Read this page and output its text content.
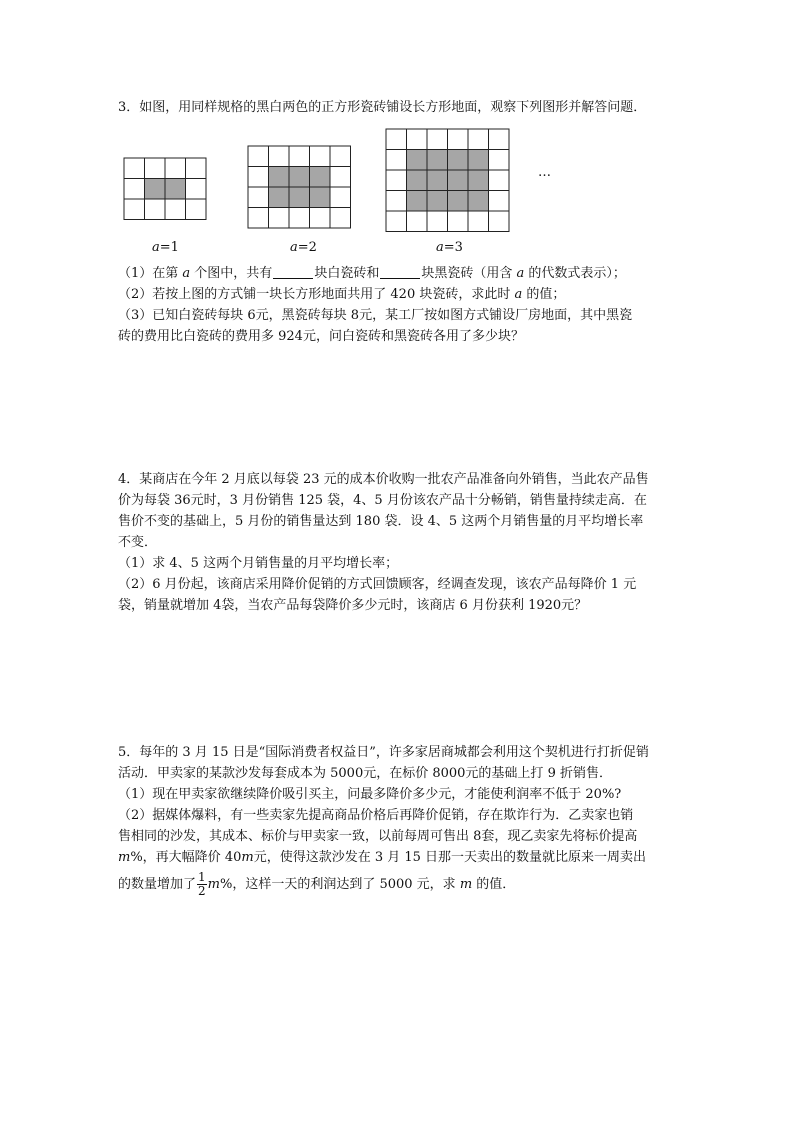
3．如图，用同样规格的黑白两色的正方形瓷砖铺设长方形地面，观察下列图形并解答问题．
…
a=1	a=2	a=3
（1）在第 a 个图中，共有	块白瓷砖和	块黑瓷砖（用含 a 的代数式表示）；
（2）若按上图的方式铺一块长方形地面共用了 420 块瓷砖，求此时 a 的值；
（3）已知白瓷砖每块 6元，黑瓷砖每块 8元，某工厂按如图方式铺设厂房地面，其中黑瓷
砖的费用比白瓷砖的费用多 924元，问白瓷砖和黑瓷砖各用了多少块？
4．某商店在今年 2 月底以每袋 23 元的成本价收购一批农产品准备向外销售，当此农产品售
价为每袋 36元时，3 月份销售 125 袋，4、5 月份该农产品十分畅销，销售量持续走高．在
售价不变的基础上，5 月份的销售量达到 180 袋．设 4、5 这两个月销售量的月平均增长率
不变．
（1）求 4、5 这两个月销售量的月平均增长率；
（2）6 月份起，该商店采用降价促销的方式回馈顾客，经调查发现，该农产品每降价 1 元
袋，销量就增加 4袋，当农产品每袋降价多少元时，该商店 6 月份获利 1920元？
5．每年的 3 月 15 日是“国际消费者权益日”，许多家居商城都会利用这个契机进行打折促销
活动．甲卖家的某款沙发每套成本为 5000元，在标价 8000元的基础上打 9 折销售．
（1）现在甲卖家欲继续降价吸引买主，问最多降价多少元，才能使利润率不低于 20%?
（2）据媒体爆料，有一些卖家先提高商品价格后再降价促销，存在欺诈行为．乙卖家也销
售相同的沙发，其成本、标价与甲卖家一致，以前每周可售出 8套，现乙卖家先将标价提高
m%，再大幅降价 40m元，使得这款沙发在 3 月 15 日那一天卖出的数量就比原来一周卖出
的数量增加了 $\frac{1}{2} m\%$，这样一天的利润达到了 5000 元，求 m 的值．
